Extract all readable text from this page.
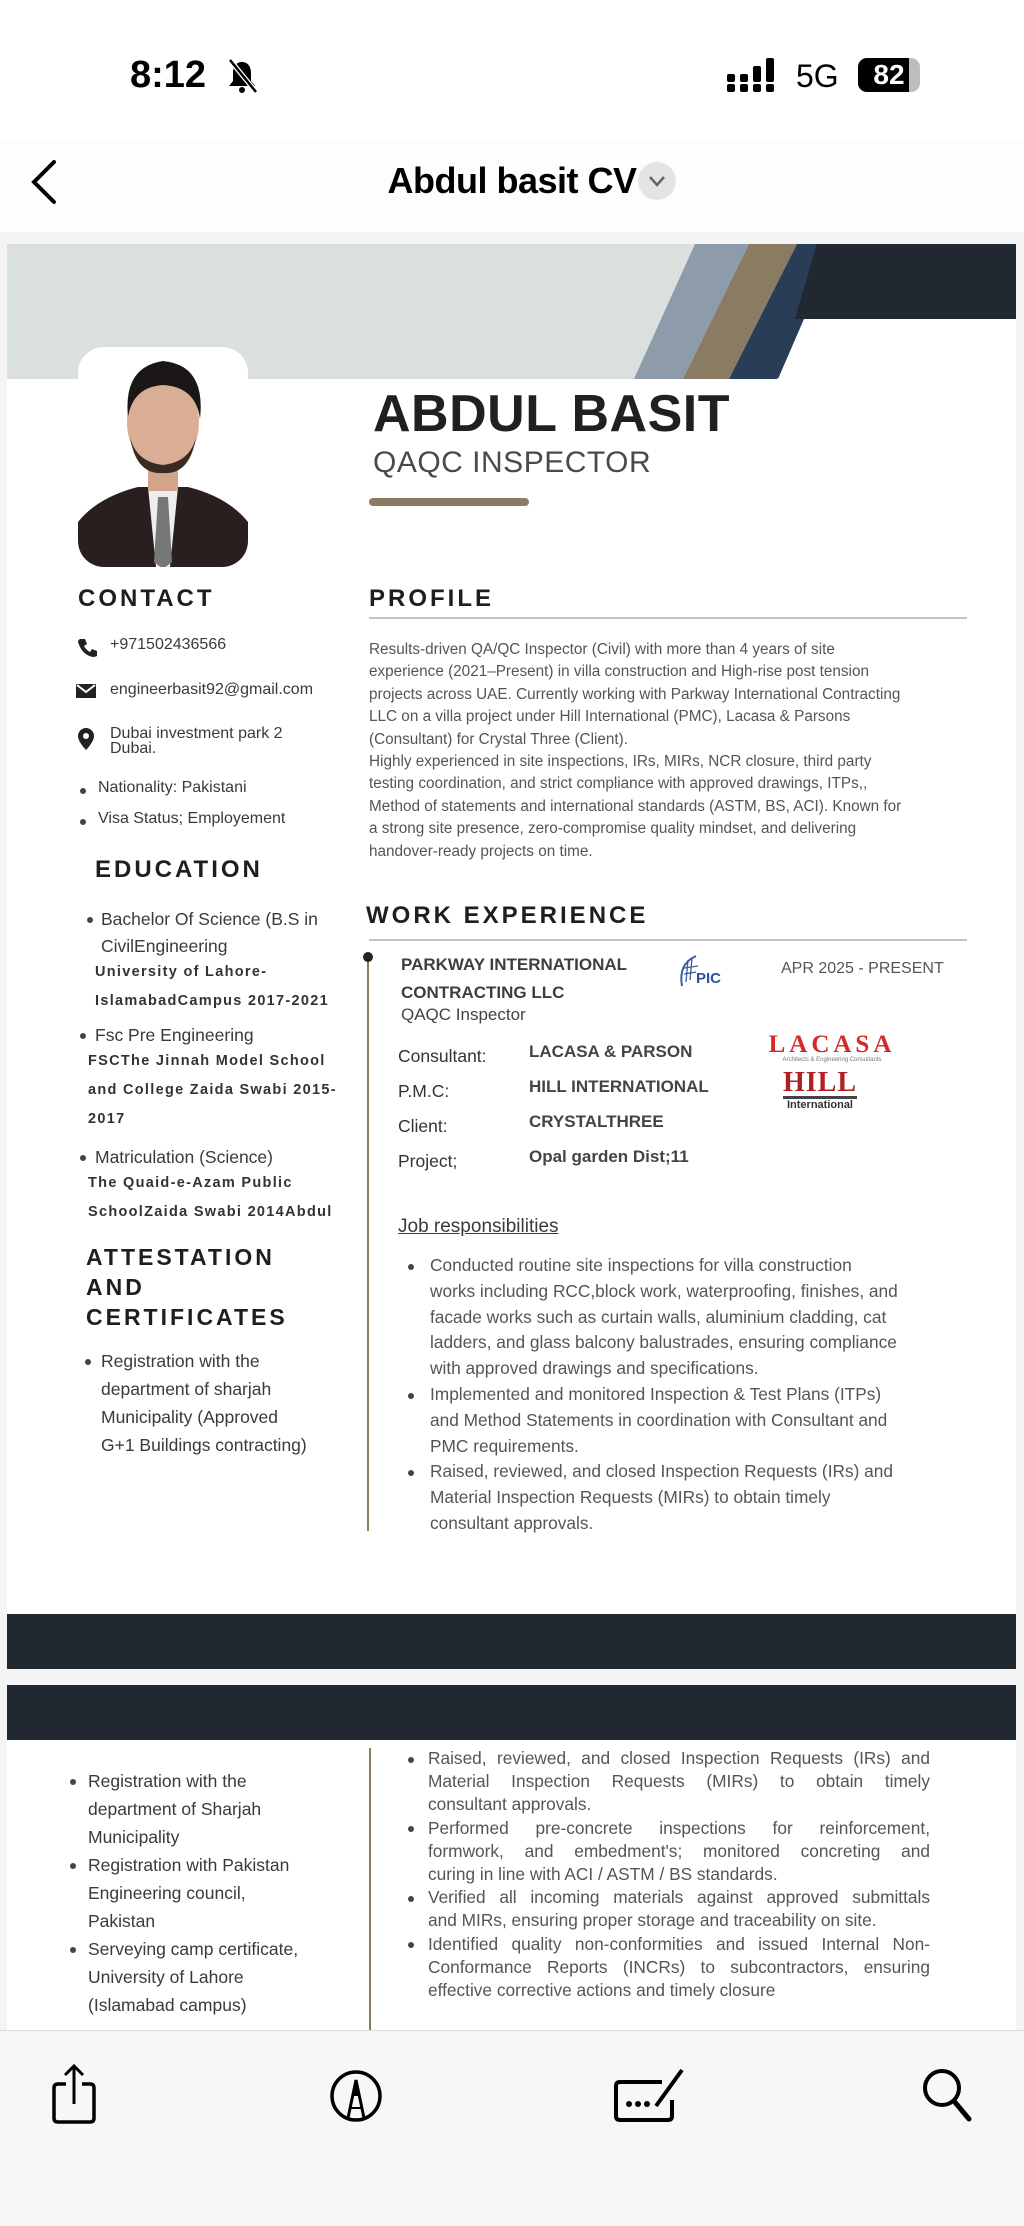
8:12	5G	82
Abdul basit CV
ABDUL BASIT
QAQC INSPECTOR
CONTACT
+971502436566
engineerbasit92@gmail.com
Dubai investment park 2
Dubai.
Nationality: Pakistani
Visa Status; Employement
EDUCATION
Bachelor Of Science (B.S in
CivilEngineering
University of Lahore-
IslamabadCampus 2017-2021
Fsc Pre Engineering
FSCThe Jinnah Model School
and College Zaida Swabi 2015-
2017
Matriculation (Science)
The Quaid-e-Azam Public
SchoolZaida Swabi 2014Abdul
ATTESTATION
AND
CERTIFICATES
Registration with the
department of sharjah
Municipality (Approved
G+1 Buildings contracting)
PROFILE
Results-driven QA/QC Inspector (Civil) with more than 4 years of site
experience (2021–Present) in villa construction and High-rise post tension
projects across UAE. Currently working with Parkway International Contracting
LLC on a villa project under Hill International (PMC), Lacasa & Parsons
(Consultant) for Crystal Three (Client).
Highly experienced in site inspections, IRs, MIRs, NCR closure, third party
testing coordination, and strict compliance with approved drawings, ITPs,,
Method of statements and international standards (ASTM, BS, ACI). Known for
a strong site presence, zero-compromise quality mindset, and delivering
handover-ready projects on time.
WORK EXPERIENCE
PARKWAY INTERNATIONAL
CONTRACTING LLC
QAQC Inspector
PIC
APR 2025 - PRESENT
Consultant: LACASA & PARSON
P.M.C:	HILL INTERNATIONAL
Client:	CRYSTALTHREE
Project;	Opal garden Dist;11
LACASA
Architects & Engineering Consultants
HILL
International
Job responsibilities
Conducted routine site inspections for villa construction
works including RCC,block work, waterproofing, finishes, and
facade works such as curtain walls, aluminium cladding, cat
ladders, and glass balcony balustrades, ensuring compliance
with approved drawings and specifications.
Implemented and monitored Inspection & Test Plans (ITPs)
and Method Statements in coordination with Consultant and
PMC requirements.
Raised, reviewed, and closed Inspection Requests (IRs) and
Material Inspection Requests (MIRs) to obtain timely
consultant approvals.
Registration with the
department of Sharjah
Municipality
Registration with Pakistan
Engineering council,
Pakistan
Serveying camp certificate,
University of Lahore
(Islamabad campus)
Raised, reviewed, and closed Inspection Requests (IRs) and
Material Inspection Requests (MIRs) to obtain timely
consultant approvals.
Performed pre-concrete inspections for reinforcement,
formwork, and embedment's; monitored concreting and
curing in line with ACI / ASTM / BS standards.
Verified all incoming materials against approved submittals
and MIRs, ensuring proper storage and traceability on site.
Identified quality non-conformities and issued Internal Non-
Conformance Reports (INCRs) to subcontractors, ensuring
effective corrective actions and timely closure
